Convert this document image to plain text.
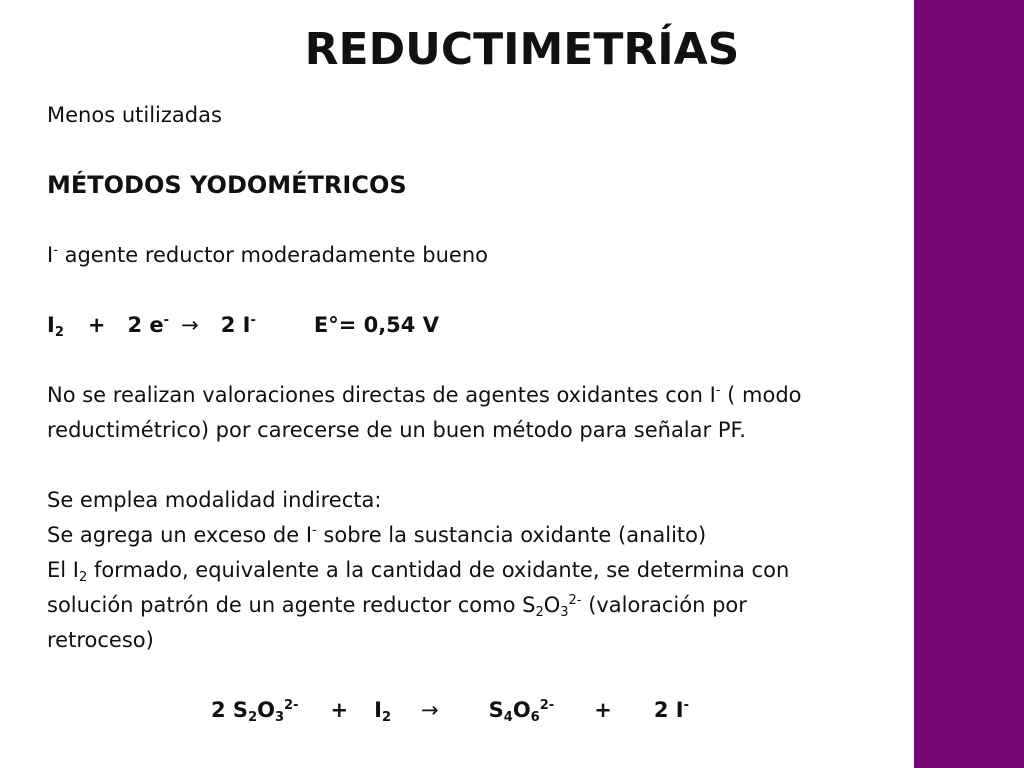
REDUCTIMETRÍAS
Menos utilizadas
MÉTODOS YODOMÉTRICOS
I- agente reductor moderadamente bueno
$I_2 + 2$ e- → 2 I-	E°= 0,54 V
No se realizan valoraciones directas de agentes oxidantes con I- ( modo
reductimétrico) por carecerse de un buen método para señalar PF.
Se emplea modalidad indirecta:
Se agrega un exceso de I- sobre la sustancia oxidante (analito)
El $I_2$ formado, equivalente a la cantidad de oxidante, se determina con
solución patrón de un agente reductor como $S_2O_3^{2-}$ (valoración por
retroceso)
2 $S_2O_3^{2-} + I_2 \to S_4O_6^{2-} + 2$ I-
